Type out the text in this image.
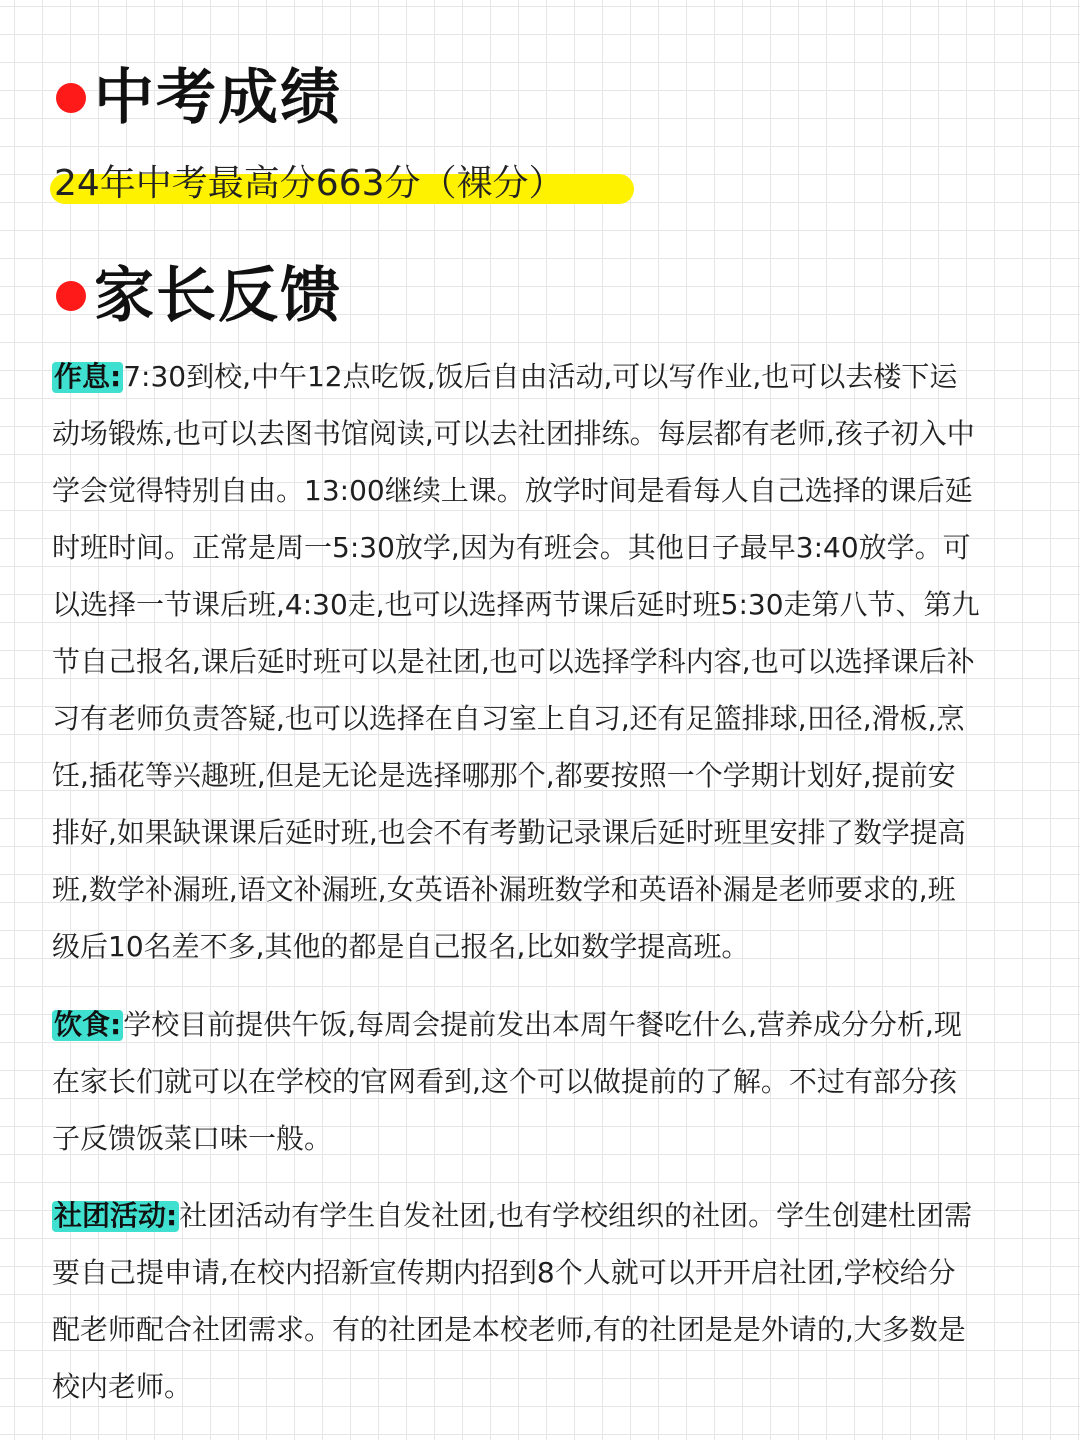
中考成绩
24年中考最高分663分（裸分）
家长反馈

作息:7:30到校,中午12点吃饭,饭后自由活动,可以写作业,也可以去楼下运动场锻炼,也可以去图书馆阅读,可以去社团排练。每层都有老师,孩子初入中学会觉得特别自由。13:00继续上课。放学时间是看每人自己选择的课后延时班时间。正常是周一5:30放学,因为有班会。其他日子最早3:40放学。可以选择一节课后班,4:30走,也可以选择两节课后延时班5:30走第八节、第九节自己报名,课后延时班可以是社团,也可以选择学科内容,也可以选择课后补习有老师负责答疑,也可以选择在自习室上自习,还有足篮排球,田径,滑板,烹饪,插花等兴趣班,但是无论是选择哪那个,都要按照一个学期计划好,提前安排好,如果缺课课后延时班,也会不有考勤记录课后延时班里安排了数学提高班,数学补漏班,语文补漏班,女英语补漏班数学和英语补漏是老师要求的,班级后10名差不多,其他的都是自己报名,比如数学提高班。

饮食:学校目前提供午饭,每周会提前发出本周午餐吃什么,营养成分分析,现在家长们就可以在学校的官网看到,这个可以做提前的了解。不过有部分孩子反馈饭菜口味一般。

社团活动:社团活动有学生自发社团,也有学校组织的社团。学生创建杜团需要自己提申请,在校内招新宣传期内招到8个人就可以开开启社团,学校给分配老师配合社团需求。有的社团是本校老师,有的社团是是外请的,大多数是校内老师。
